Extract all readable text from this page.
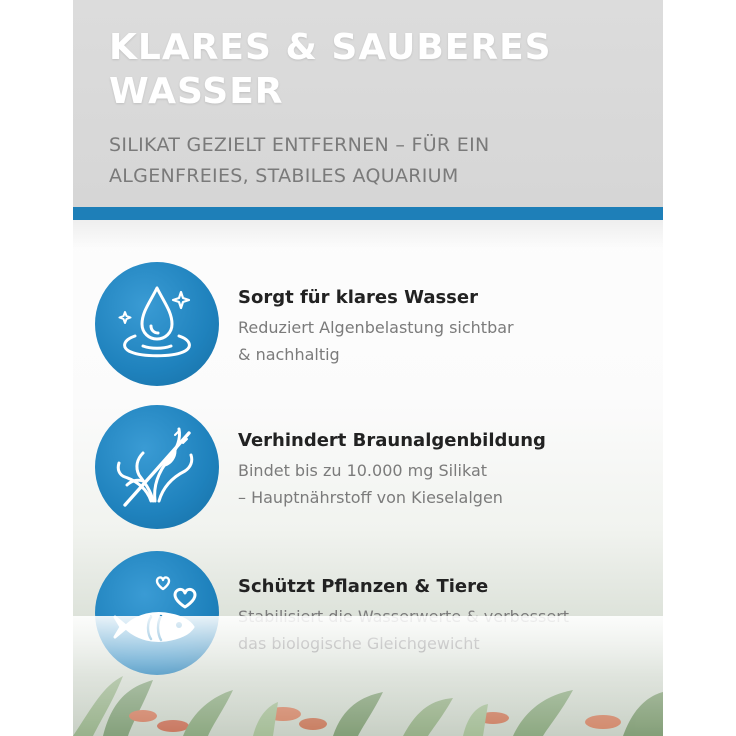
KLARES & SAUBERES
WASSER

SILIKAT GEZIELT ENTFERNEN – FÜR EIN
ALGENFREIES, STABILES AQUARIUM

Sorgt für klares Wasser

Reduziert Algenbelastung sichtbar
& nachhaltig

Verhindert Braunalgenbildung

Bindet bis zu 10.000 mg Silikat
– Hauptnährstoff von Kieselalgen

Schützt Pflanzen & Tiere
